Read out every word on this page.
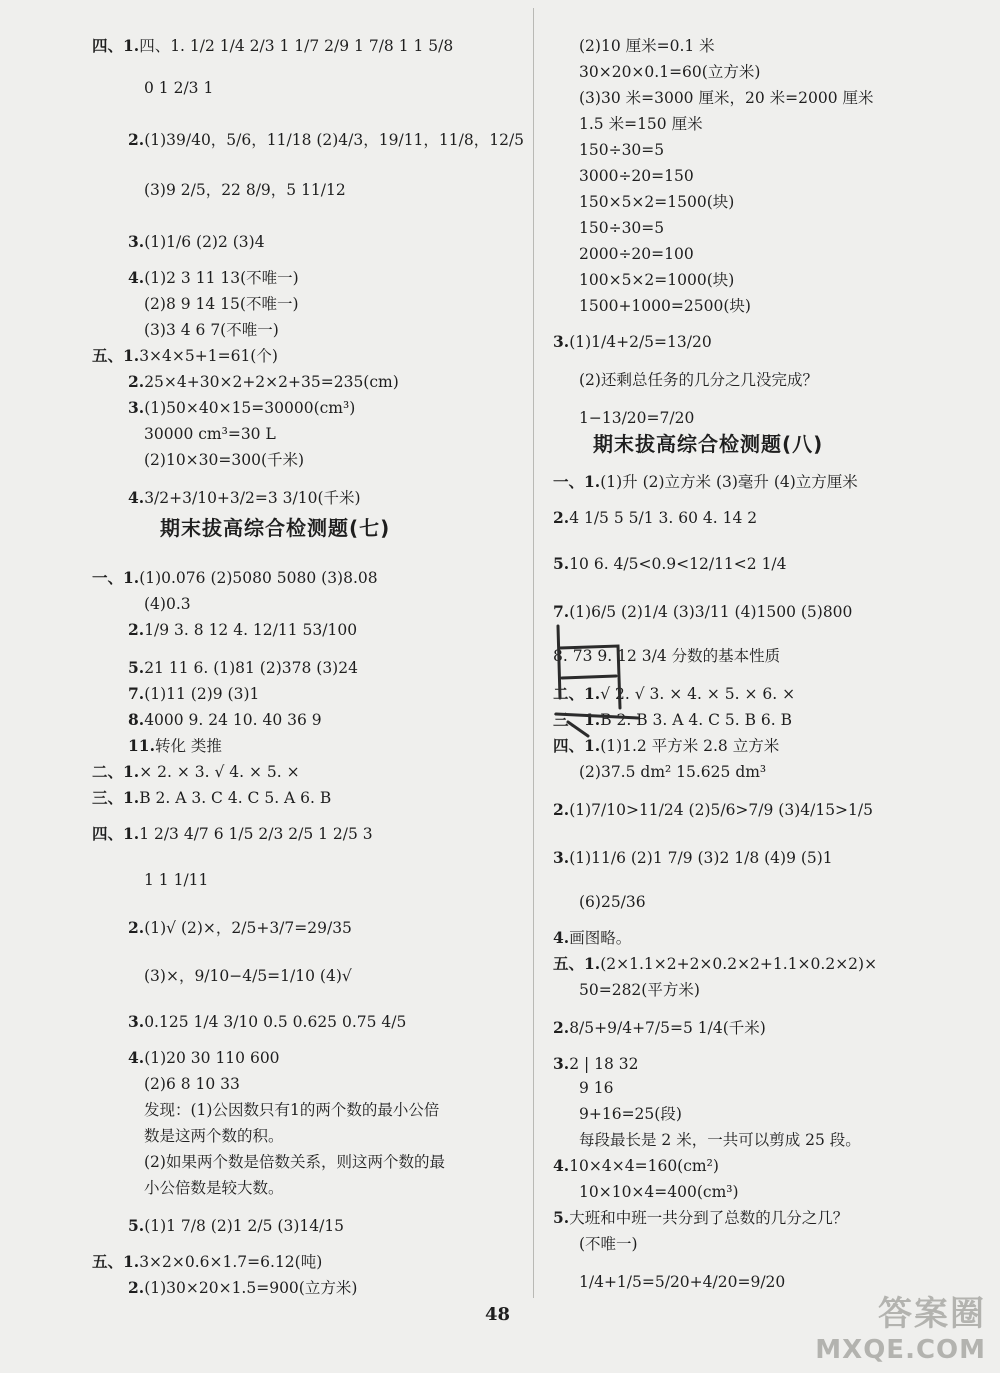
四、1. 四、1. 1/2 1/4 2/3 1 1/7 2/9 1 7/8 1 1 5/8
0 1 2/3 1
2. (1)39/40，5/6，11/18 (2)4/3，19/11，11/8，12/5
(3)9 2/5，22 8/9，5 11/12
3. (1)1/6 (2)2 (3)4
4. (1)2 3 11 13(不唯一)
(2)8 9 14 15(不唯一)
(3)3 4 6 7(不唯一)
五、1. 3×4×5+1=61(个)
2. 25×4+30×2+2×2+35=235(cm)
3. (1)50×40×15=30000(cm³)
30000 cm³=30 L
(2)10×30=300(千米)
4. 3/2+3/10+3/2=3 3/10(千米)
一、1. (1)0.076 (2)5080 5080 (3)8.08
(4)0.3
2. 1/9 3. 8 12 4. 12/11 53/100
5. 21 11 6. (1)81 (2)378 (3)24
7. (1)11 (2)9 (3)1
8. 4000 9. 24 10. 40 36 9
11. 转化 类推
二、1. × 2. × 3. √ 4. × 5. ×
三、1. B 2. A 3. C 4. C 5. A 6. B
四、1. 1 2/3 4/7 6 1/5 2/3 2/5 1 2/5 3
1 1 1/11
2. (1)√ (2)×，2/5+3/7=29/35
(3)×，9/10−4/5=1/10 (4)√
3. 0.125 1/4 3/10 0.5 0.625 0.75 4/5
4. (1)20 30 110 600
(2)6 8 10 33
发现：(1)公因数只有1的两个数的最小公倍
数是这两个数的积。
(2)如果两个数是倍数关系，则这两个数的最
小公倍数是较大数。
5. (1)1 7/8 (2)1 2/5 (3)14/15
五、1. 3×2×0.6×1.7=6.12(吨)
2. (1)30×20×1.5=900(立方米)
(2)10 厘米=0.1 米
30×20×0.1=60(立方米)
(3)30 米=3000 厘米，20 米=2000 厘米
1.5 米=150 厘米
150÷30=5
3000÷20=150
150×5×2=1500(块)
150÷30=5
2000÷20=100
100×5×2=1000(块)
1500+1000=2500(块)
3. (1)1/4+2/5=13/20
(2)还剩总任务的几分之几没完成？
1−13/20=7/20
一、1. (1)升 (2)立方米 (3)毫升 (4)立方厘米
2. 4 1/5 5 5/1 3. 60 4. 14 2
5. 10 6. 4/5<0.9<12/11<2 1/4
7. (1)6/5 (2)1/4 (3)3/11 (4)1500 (5)800
8. 73 9. 12 3/4 分数的基本性质
二、1. √ 2. √ 3. × 4. × 5. × 6. ×
三、1. B 2. B 3. A 4. C 5. B 6. B
四、1. (1)1.2 平方米 2.8 立方米
(2)37.5 dm² 15.625 dm³
2. (1)7/10>11/24 (2)5/6>7/9 (3)4/15>1/5
3. (1)11/6 (2)1 7/9 (3)2 1/8 (4)9 (5)1
(6)25/36
4. 画图略。
五、1. (2×1.1×2+2×0.2×2+1.1×0.2×2)×
50=282(平方米)
2. 8/5+9/4+7/5=5 1/4(千米)
3. 2 | 18 32
9 16
9+16=25(段)
每段最长是 2 米，一共可以剪成 25 段。
4. 10×4×4=160(cm²)
10×10×4=400(cm³)
5. 大班和中班一共分到了总数的几分之几？
(不唯一)
1/4+1/5=5/20+4/20=9/20
期末拔高综合检测题(七)
期末拔高综合检测题(八)
48	答案圈
MXQE.COM
